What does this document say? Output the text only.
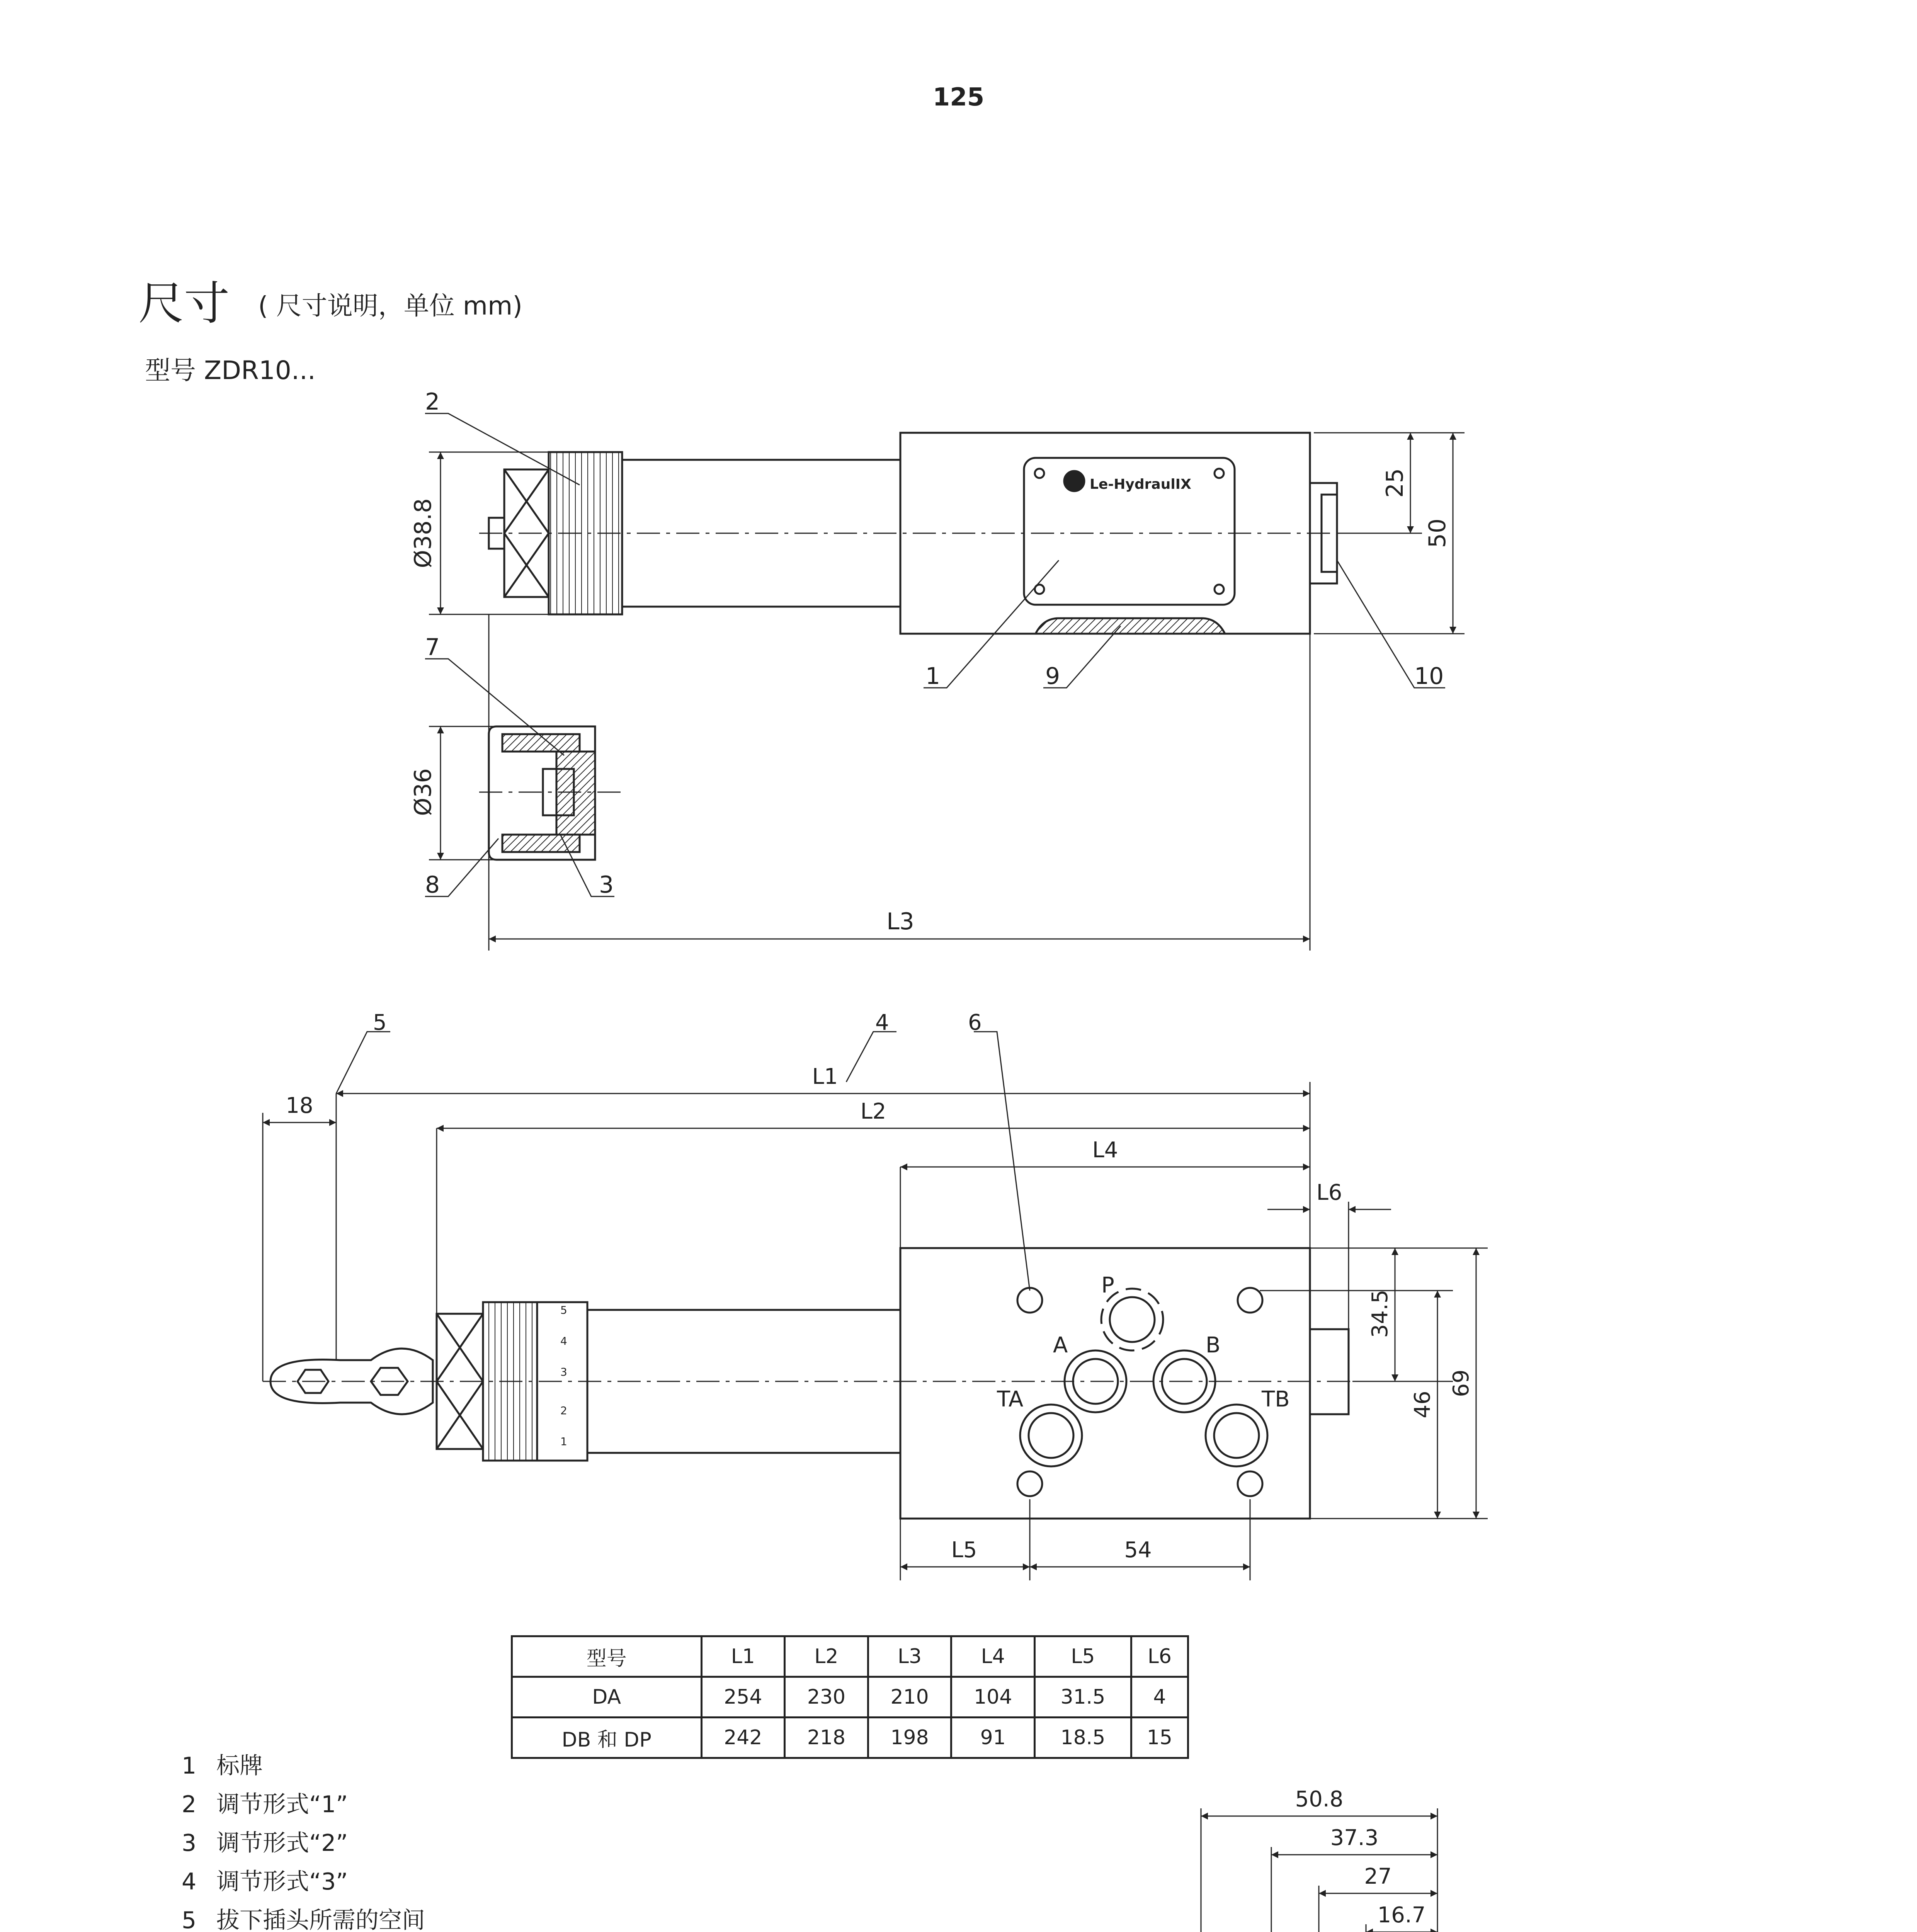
125
尺寸 ( 尺寸说明，单位 mm)
型号 ZDR10...
2
7
8	3
1	9	10
Ø38.8
Ø36
25
50
L3
Le-HydraulIX
5	4	6
18
L1
L2
L4
L6
34.5
46
69
L5	54
P
A	B
TA	TB
5
4
3
2
1
50.8
37.3
27
16.7
型号	L1	L2	L3	L4	L5	L6
DA	254	230	210	104	31.5	4
DB 和 DP	242	218	198	91	18.5	15
1 标牌
2 调节形式“1”
3 调节形式“2”
4 调节形式“3”
5 拔下插头所需的空间
